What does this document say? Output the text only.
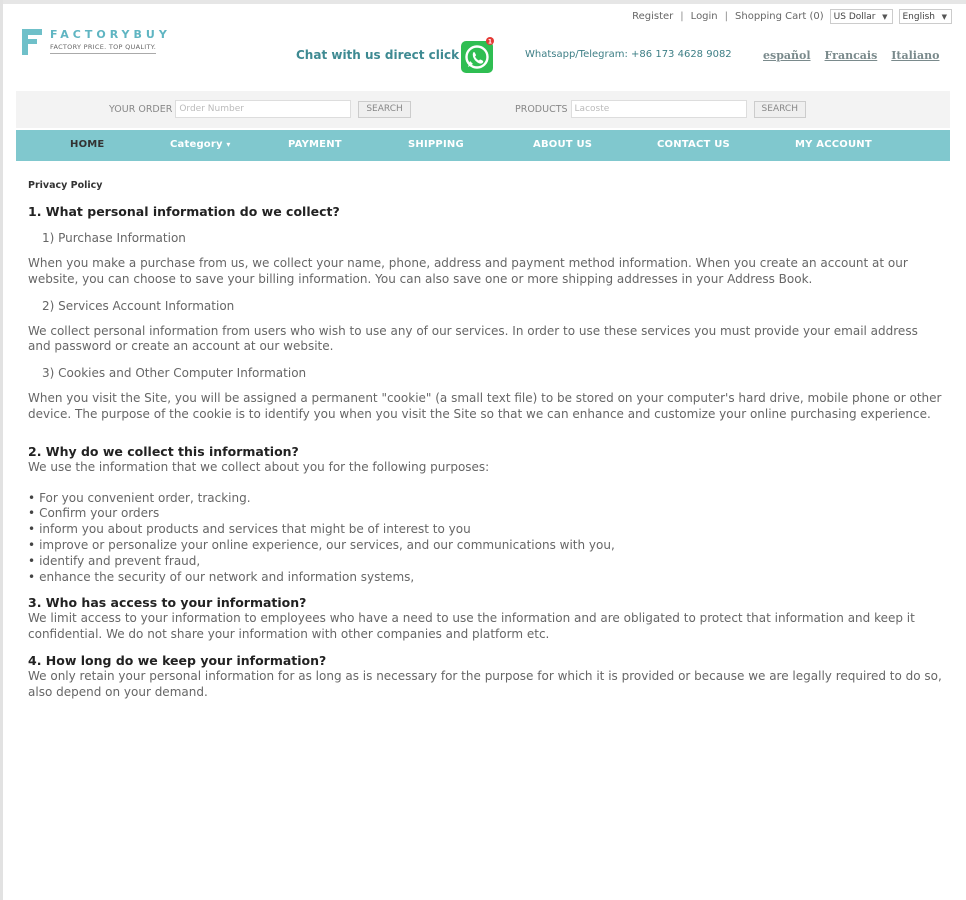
Register | Login | Shopping Cart (0)	US Dollar ▼	English ▼
FACTORYBUY
FACTORY PRICE. TOP QUALITY.
Chat with us direct click
1
Whatsapp/Telegram: +86 173 4628 9082	español Francais Italiano
YOUR ORDER
Order Number	SEARCH	PRODUCTS
Lacoste	SEARCH
HOME	Category ▾	PAYMENT	SHIPPING	ABOUT US	CONTACT US	MY ACCOUNT
Privacy Policy
1. What personal information do we collect?
1) Purchase Information

When you make a purchase from us, we collect your name, phone, address and payment method information. When you create an account at our website, you can choose to save your billing information. You can also save one or more shipping addresses in your Address Book.

2) Services Account Information

We collect personal information from users who wish to use any of our services. In order to use these services you must provide your email address and password or create an account at our website.

3) Cookies and Other Computer Information

When you visit the Site, you will be assigned a permanent "cookie" (a small text file) to be stored on your computer's hard drive, mobile phone or other device. The purpose of the cookie is to identify you when you visit the Site so that we can enhance and customize your online purchasing experience.

2. Why do we collect this information?

We use the information that we collect about you for the following purposes:

• For you convenient order, tracking.
• Confirm your orders
• inform you about products and services that might be of interest to you
• improve or personalize your online experience, our services, and our communications with you,
• identify and prevent fraud,
• enhance the security of our network and information systems,
3. Who has access to your information?

We limit access to your information to employees who have a need to use the information and are obligated to protect that information and keep it confidential. We do not share your information with other companies and platform etc.

4. How long do we keep your information?

We only retain your personal information for as long as is necessary for the purpose for which it is provided or because we are legally required to do so, also depend on your demand.
